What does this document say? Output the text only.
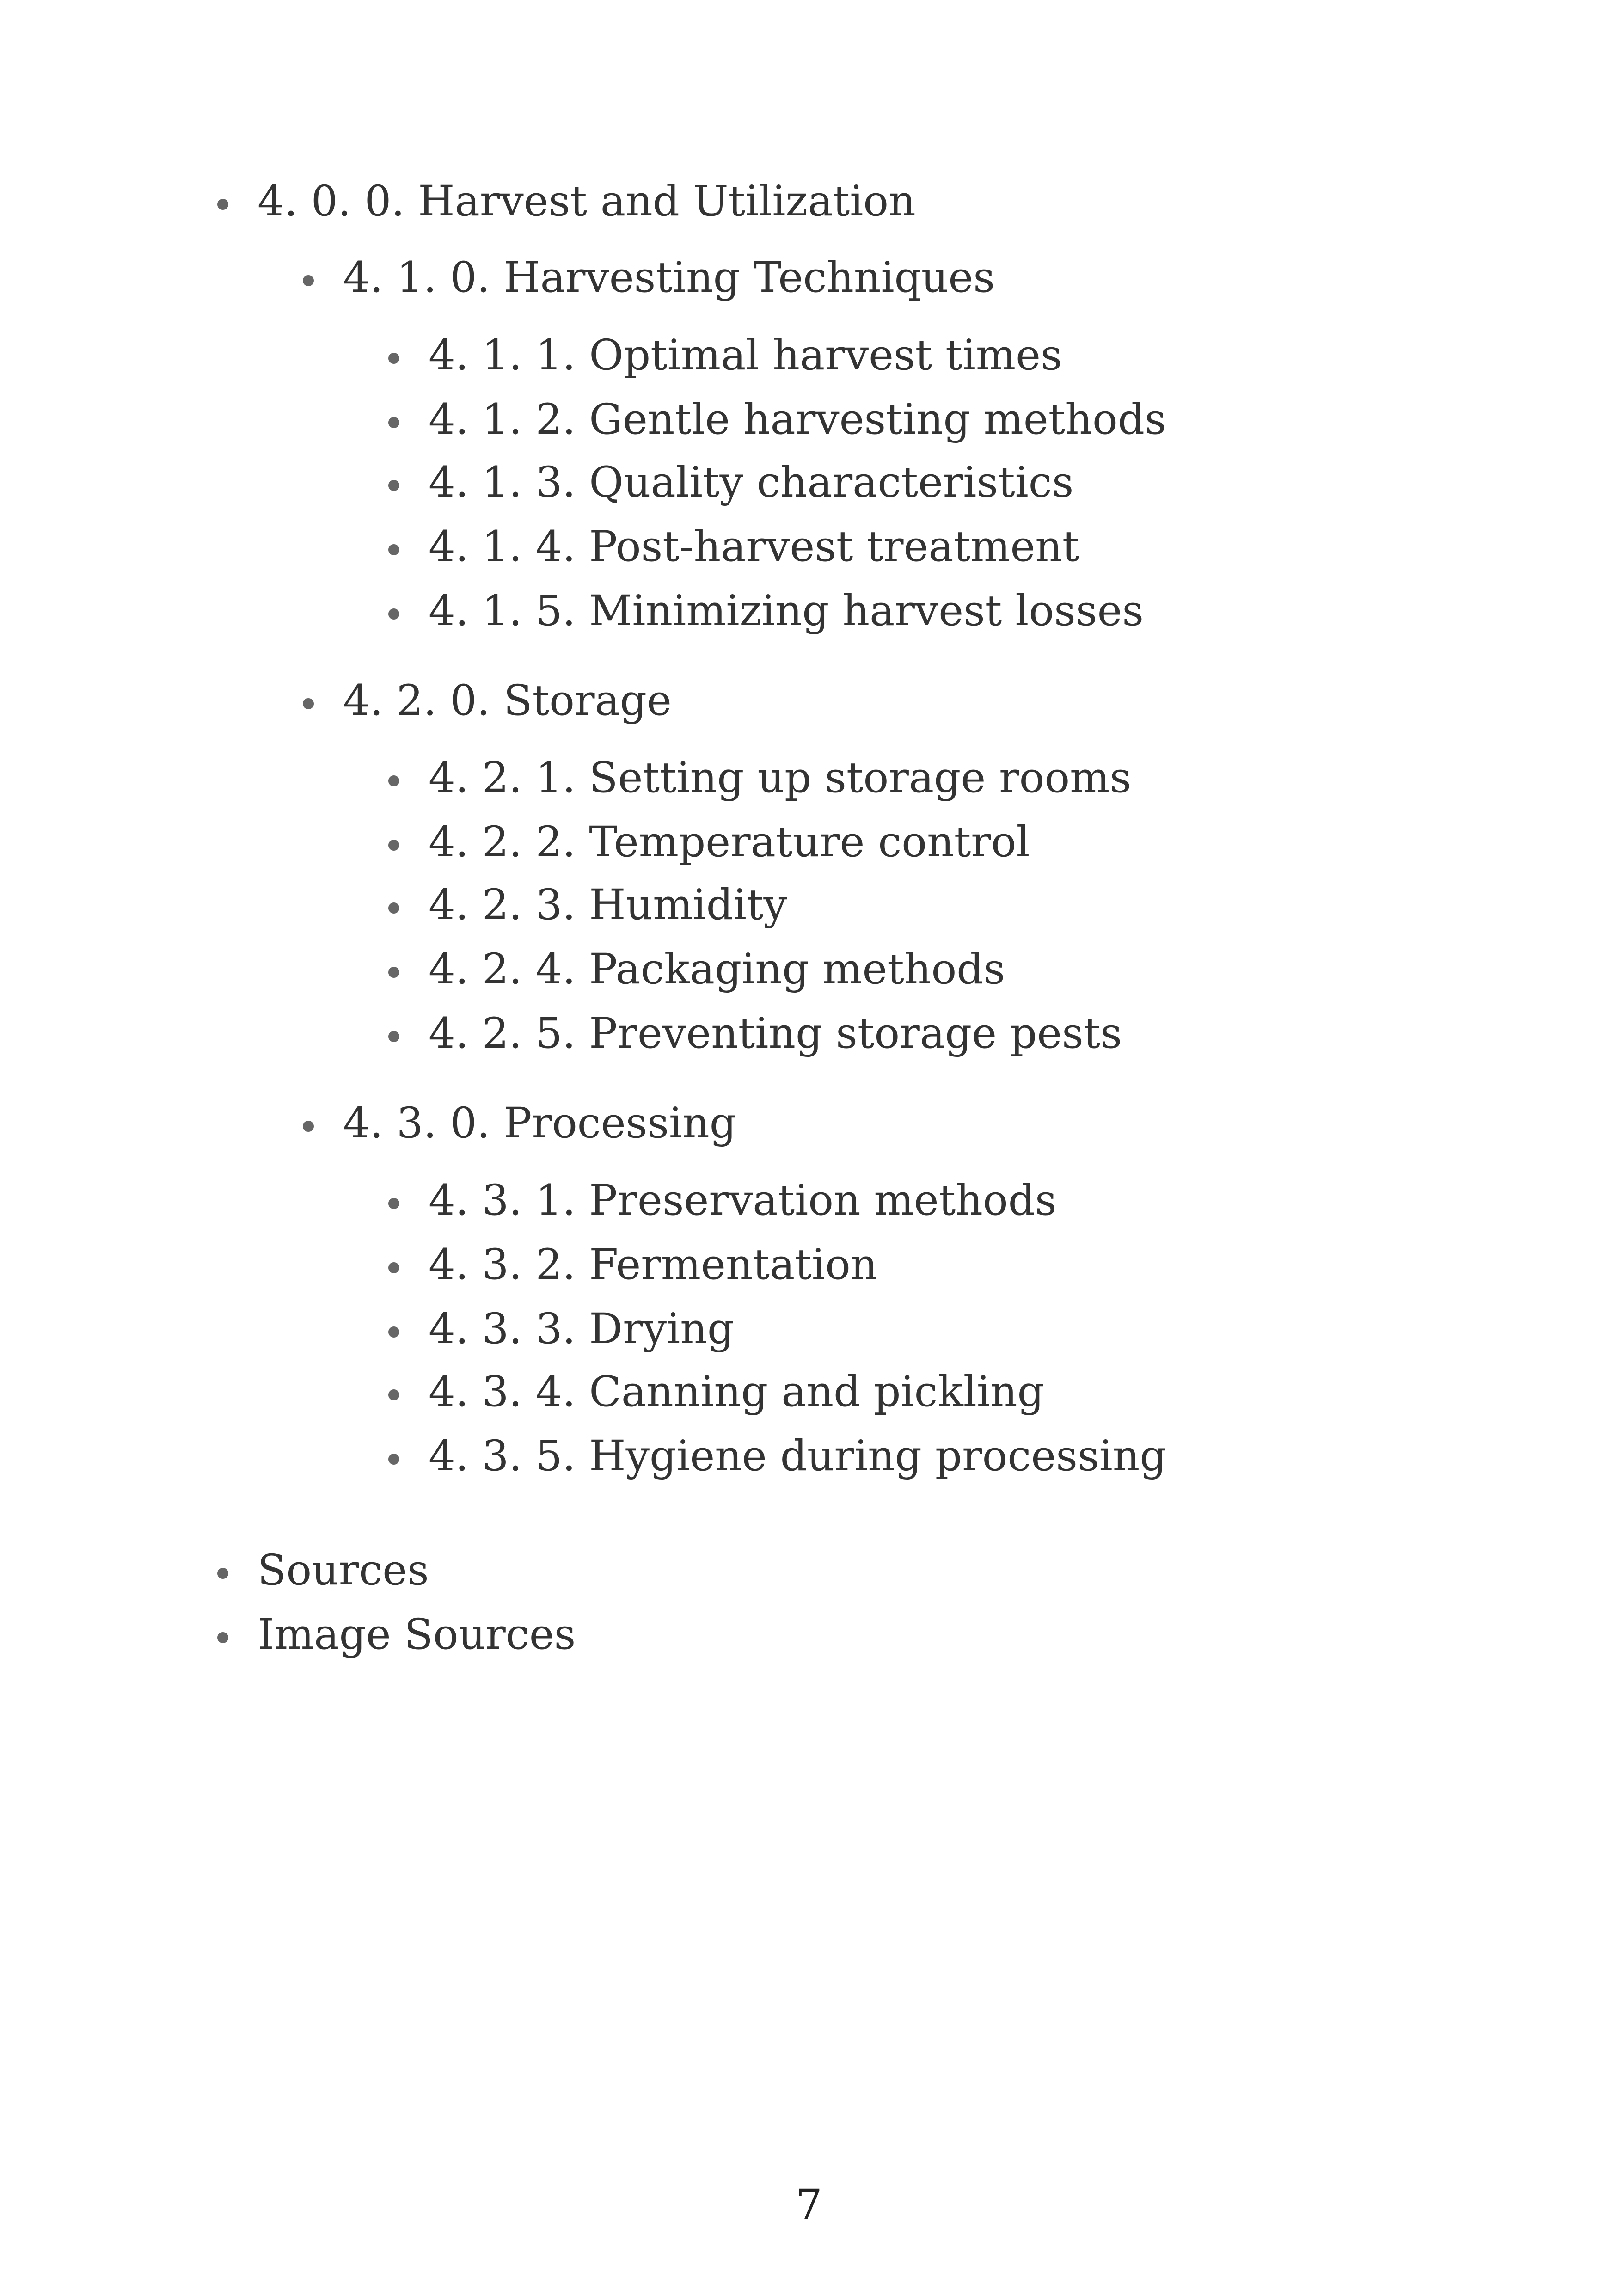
4. 0. 0. Harvest and Utilization
4. 1. 0. Harvesting Techniques
4. 1. 1. Optimal harvest times
4. 1. 2. Gentle harvesting methods
4. 1. 3. Quality characteristics
4. 1. 4. Post-harvest treatment
4. 1. 5. Minimizing harvest losses
4. 2. 0. Storage
4. 2. 1. Setting up storage rooms
4. 2. 2. Temperature control
4. 2. 3. Humidity
4. 2. 4. Packaging methods
4. 2. 5. Preventing storage pests
4. 3. 0. Processing
4. 3. 1. Preservation methods
4. 3. 2. Fermentation
4. 3. 3. Drying
4. 3. 4. Canning and pickling
4. 3. 5. Hygiene during processing
Sources
Image Sources
7
